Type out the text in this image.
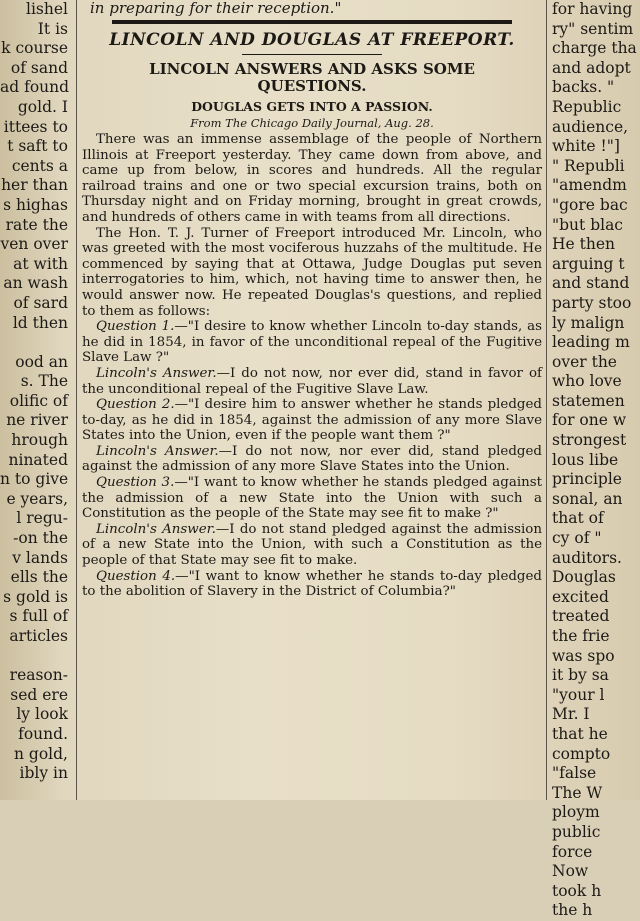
lishel

It is

k course

of sand

ad found

gold. I

ittees to

t saft to

cents a

her than

s highas

rate the

ven over

at with

an wash

of sard

ld then

ood an

s. The

olific of

ne river

hrough

ninated

n to give

e years,

l regu-

-on the

v lands

ells the

s gold is

s full of

articles

reason-

sed ere

ly look

found.

n gold,

ibly in

in preparing for their reception."

LINCOLN AND DOUGLAS AT FREEPORT.
LINCOLN ANSWERS AND ASKS SOME QUESTIONS.
DOUGLAS GETS INTO A PASSION.
From The Chicago Daily Journal, Aug. 28.

There was an immense assemblage of the people of Northern Illinois at Freeport yesterday. They came down from above, and came up from below, in scores and hundreds. All the regular railroad trains and one or two special excursion trains, both on Thursday night and on Friday morning, brought in great crowds, and hundreds of others came in with teams from all directions.

The Hon. T. J. Turner of Freeport introduced Mr. Lincoln, who was greeted with the most vociferous huzzahs of the multitude. He commenced by saying that at Ottawa, Judge Douglas put seven interrogatories to him, which, not having time to answer then, he would answer now. He repeated Douglas's questions, and replied to them as follows:

Question 1.—"I desire to know whether Lincoln to-day stands, as he did in 1854, in favor of the unconditional repeal of the Fugitive Slave Law ?"

Lincoln's Answer.—I do not now, nor ever did, stand in favor of the unconditional repeal of the Fugitive Slave Law.

Question 2.—"I desire him to answer whether he stands pledged to-day, as he did in 1854, against the admission of any more Slave States into the Union, even if the people want them ?"

Lincoln's Answer.—I do not now, nor ever did, stand pledged against the admission of any more Slave States into the Union.

Question 3.—"I want to know whether he stands pledged against the admission of a new State into the Union with such a Constitution as the people of the State may see fit to make ?"

Lincoln's Answer.—I do not stand pledged against the admission of a new State into the Union, with such a Constitution as the people of that State may see fit to make.

Question 4.—"I want to know whether he stands to-day pledged to the abolition of Slavery in the District of Columbia?"

for having

ry" sentim

charge tha

and adopt

backs. "

Republic

audience,

white !"]

" Republi

"amendm

"gore bac

"but blac

He then

arguing t

and stand

party stoo

ly malign

leading m

over the

who love

statemen

for one w

strongest

lous libe

principle

sonal, an

that of

cy of "

auditors.

Douglas

excited

treated

the frie

was spo

it by sa

"your l

Mr. I

that he

compto

"false

The W

ploym

public

force

Now

took h

the h
